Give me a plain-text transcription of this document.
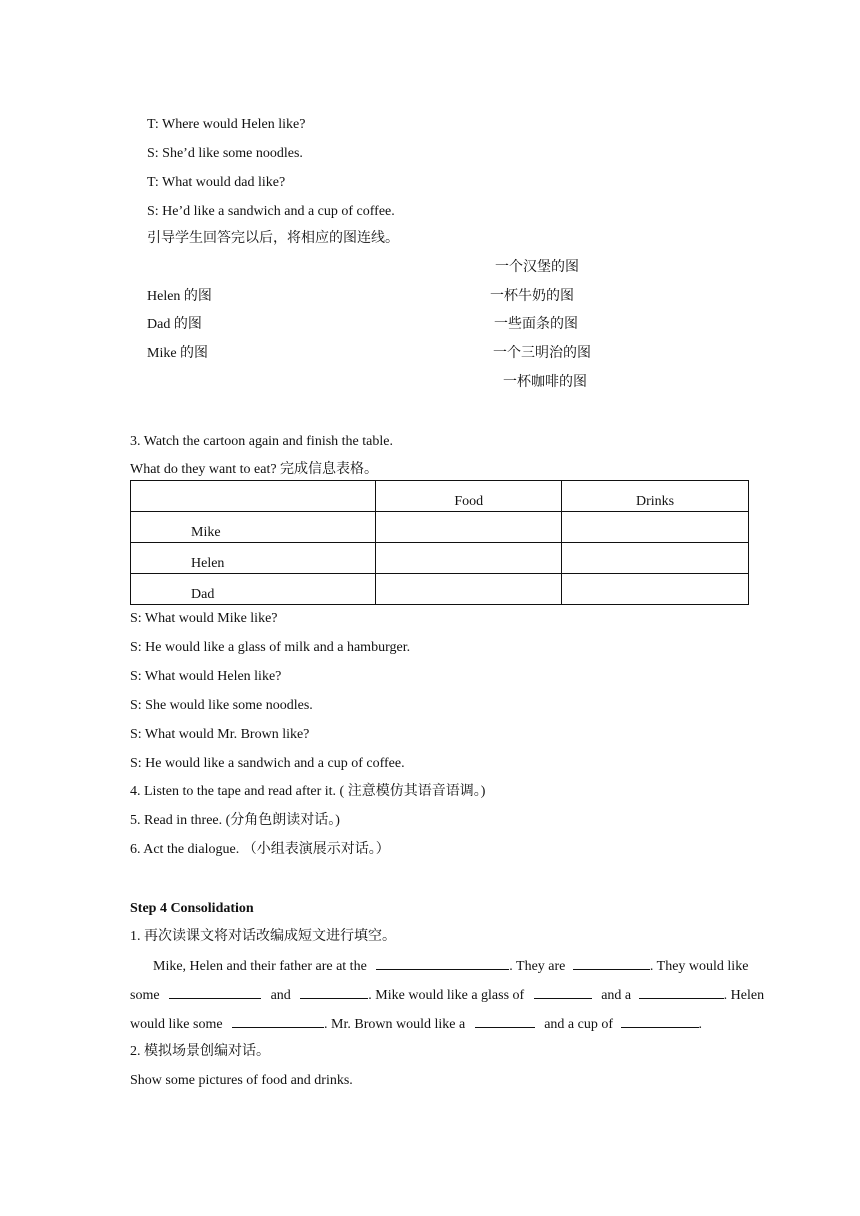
T: Where would Helen like?
S: She’d like some noodles.
T: What would dad like?
S: He’d like a sandwich and a cup of coffee.
引导学生回答完以后，将相应的图连线。
一个汉堡的图
Helen 的图	一杯牛奶的图
Dad 的图	一些面条的图
Mike 的图	一个三明治的图
一杯咖啡的图
3. Watch the cartoon again and finish the table.
What do they want to eat? 完成信息表格。
	Food	Drinks
Mike		
Helen		
Dad		
S: What would Mike like?
S: He would like a glass of milk and a hamburger.
S: What would Helen like?
S: She would like some noodles.
S: What would Mr. Brown like?
S: He would like a sandwich and a cup of coffee.
4. Listen to the tape and read after it. ( 注意模仿其语音语调。)
5. Read in three. (分角色朗读对话。)
6. Act the dialogue. （小组表演展示对话。）
Step 4 Consolidation
1. 再次读课文将对话改编成短文进行填空。
Mike, Helen and their father are at the	. They are	. They would like
some	and	. Mike would like a glass of	and a	. Helen
would like some	. Mr. Brown would like a	and a cup of	.
2. 模拟场景创编对话。
Show some pictures of food and drinks.
